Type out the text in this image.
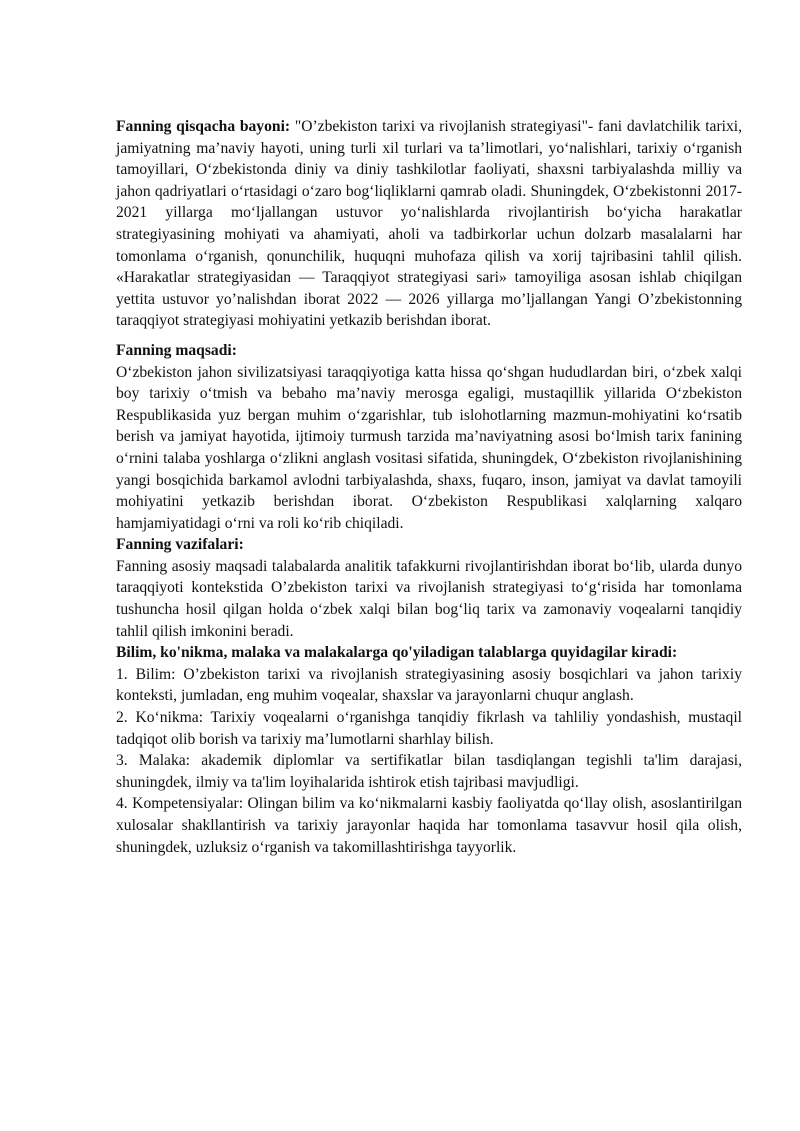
Fanning qisqacha bayoni: "O’zbekiston tarixi va rivojlanish strategiyasi"- fani davlatchilik tarixi, jamiyatning ma’naviy hayoti, uning turli xil turlari va ta’limotlari, yo‘nalishlari, tarixiy o‘rganish tamoyillari, O‘zbekistonda diniy va diniy tashkilotlar faoliyati, shaxsni tarbiyalashda milliy va jahon qadriyatlari o‘rtasidagi o‘zaro bog‘liqliklarni qamrab oladi. Shuningdek, O‘zbekistonni 2017-2021 yillarga mo‘ljallangan ustuvor yo‘nalishlarda rivojlantirish bo‘yicha harakatlar strategiyasining mohiyati va ahamiyati, aholi va tadbirkorlar uchun dolzarb masalalarni har tomonlama o‘rganish, qonunchilik, huquqni muhofaza qilish va xorij tajribasini tahlil qilish. «Harakatlar strategiyasidan — Taraqqiyot strategiyasi sari» tamoyiliga asosan ishlab chiqilgan yettita ustuvor yo’nalishdan iborat 2022 — 2026 yillarga mo’ljallangan Yangi O’zbekistonning taraqqiyot strategiyasi mohiyatini yetkazib berishdan iborat.

Fanning maqsadi:

O‘zbekiston jahon sivilizatsiyasi taraqqiyotiga katta hissa qo‘shgan hududlardan biri, o‘zbek xalqi boy tarixiy o‘tmish va bebaho ma’naviy merosga egaligi, mustaqillik yillarida O‘zbekiston Respublikasida yuz bergan muhim o‘zgarishlar, tub islohotlarning mazmun-mohiyatini ko‘rsatib berish va jamiyat hayotida, ijtimoiy turmush tarzida ma’naviyatning asosi bo‘lmish tarix fanining o‘rnini talaba yoshlarga o‘zlikni anglash vositasi sifatida, shuningdek, O‘zbekiston rivojlanishining yangi bosqichida barkamol avlodni tarbiyalashda, shaxs, fuqaro, inson, jamiyat va davlat tamoyili mohiyatini yetkazib berishdan iborat. O‘zbekiston Respublikasi xalqlarning xalqaro hamjamiyatidagi o‘rni va roli ko‘rib chiqiladi.

Fanning vazifalari:

Fanning asosiy maqsadi talabalarda analitik tafakkurni rivojlantirishdan iborat bo‘lib, ularda dunyo taraqqiyoti kontekstida O’zbekiston tarixi va rivojlanish strategiyasi to‘g‘risida har tomonlama tushuncha hosil qilgan holda o‘zbek xalqi bilan bog‘liq tarix va zamonaviy voqealarni tanqidiy tahlil qilish imkonini beradi.

Bilim, ko'nikma, malaka va malakalarga qo'yiladigan talablarga quyidagilar kiradi:

1. Bilim: O’zbekiston tarixi va rivojlanish strategiyasining asosiy bosqichlari va jahon tarixiy konteksti, jumladan, eng muhim voqealar, shaxslar va jarayonlarni chuqur anglash.

2. Ko‘nikma: Tarixiy voqealarni o‘rganishga tanqidiy fikrlash va tahliliy yondashish, mustaqil tadqiqot olib borish va tarixiy ma’lumotlarni sharhlay bilish.

3. Malaka: akademik diplomlar va sertifikatlar bilan tasdiqlangan tegishli ta'lim darajasi, shuningdek, ilmiy va ta'lim loyihalarida ishtirok etish tajribasi mavjudligi.

4. Kompetensiyalar: Olingan bilim va ko‘nikmalarni kasbiy faoliyatda qo‘llay olish, asoslantirilgan xulosalar shakllantirish va tarixiy jarayonlar haqida har tomonlama tasavvur hosil qila olish, shuningdek, uzluksiz o‘rganish va takomillashtirishga tayyorlik.
